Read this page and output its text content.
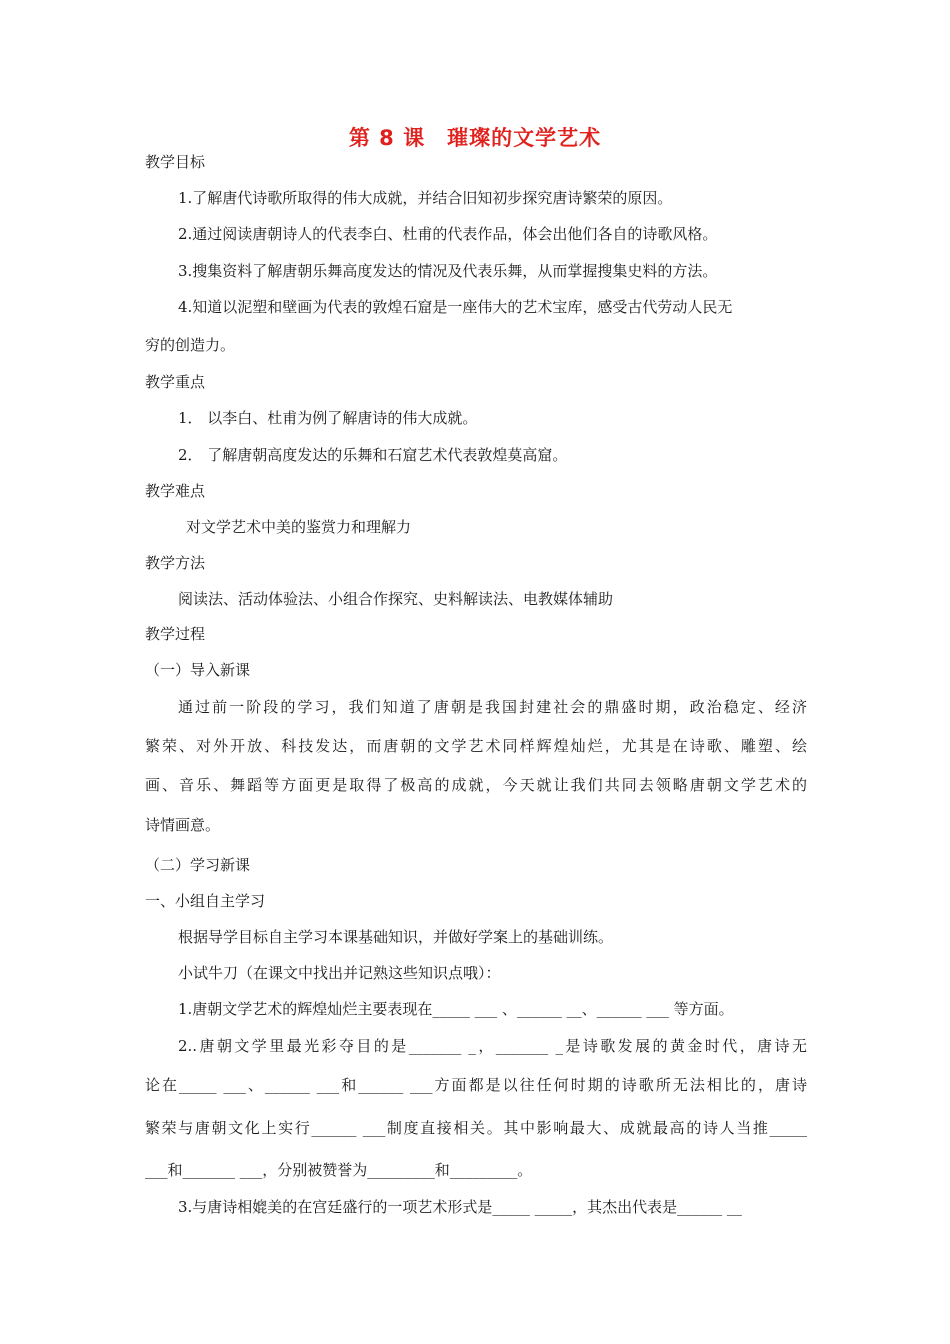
第 8 课　璀璨的文学艺术
教学目标
1.了解唐代诗歌所取得的伟大成就，并结合旧知初步探究唐诗繁荣的原因。
2.通过阅读唐朝诗人的代表李白、杜甫的代表作品，体会出他们各自的诗歌风格。
3.搜集资料了解唐朝乐舞高度发达的情况及代表乐舞，从而掌握搜集史料的方法。
4.知道以泥塑和壁画为代表的敦煌石窟是一座伟大的艺术宝库，感受古代劳动人民无
穷的创造力。
教学重点
1． 以李白、杜甫为例了解唐诗的伟大成就。
2． 了解唐朝高度发达的乐舞和石窟艺术代表敦煌莫高窟。
教学难点
对文学艺术中美的鉴赏力和理解力
教学方法
阅读法、活动体验法、小组合作探究、史料解读法、电教媒体辅助
教学过程
（一）导入新课
通过前一阶段的学习，我们知道了唐朝是我国封建社会的鼎盛时期，政治稳定、经济
繁荣、对外开放、科技发达，而唐朝的文学艺术同样辉煌灿烂，尤其是在诗歌、雕塑、绘
画、音乐、舞蹈等方面更是取得了极高的成就，今天就让我们共同去领略唐朝文学艺术的
诗情画意。
（二）学习新课
一、小组自主学习
根据导学目标自主学习本课基础知识，并做好学案上的基础训练。
小试牛刀（在课文中找出并记熟这些知识点哦）：
1.唐朝文学艺术的辉煌灿烂主要表现在_____ ___ 、______ __、______ ___ 等方面。
2..唐朝文学里最光彩夺目的是_______ _，_______ _是诗歌发展的黄金时代，唐诗无
论在_____ ___、______ ___和______ ___方面都是以往任何时期的诗歌所无法相比的，唐诗
繁荣与唐朝文化上实行______ ___制度直接相关。其中影响最大、成就最高的诗人当推_____
___和_______ ___，分别被赞誉为_________和_________。
3.与唐诗相媲美的在宫廷盛行的一项艺术形式是_____ _____，其杰出代表是______ __
